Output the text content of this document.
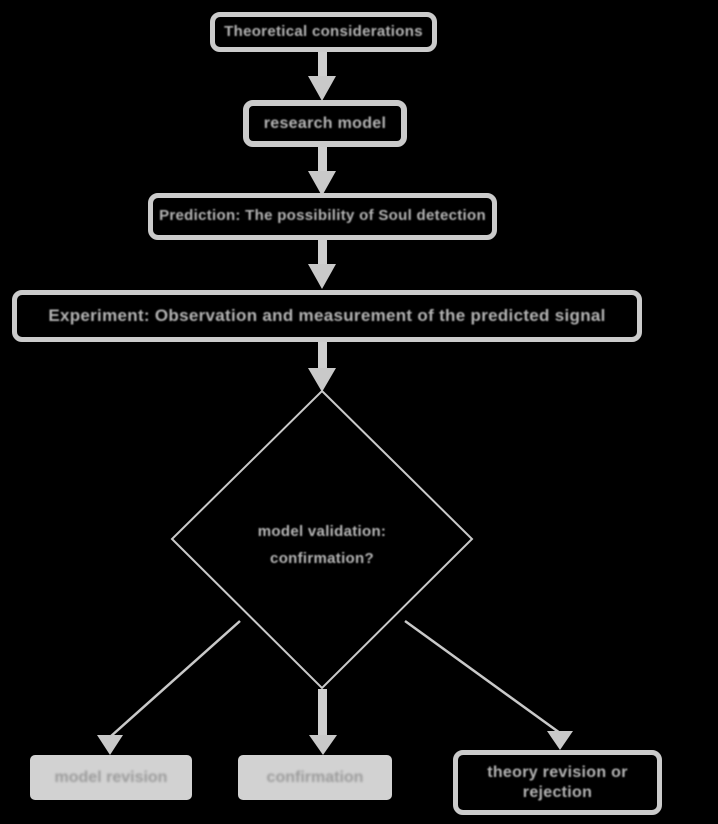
Theoretical considerations
research model
Prediction: The possibility of Soul detection
Experiment: Observation and measurement of the predicted signal
model validation:
confirmation?
model revision	confirmation	theory revision or
rejection
